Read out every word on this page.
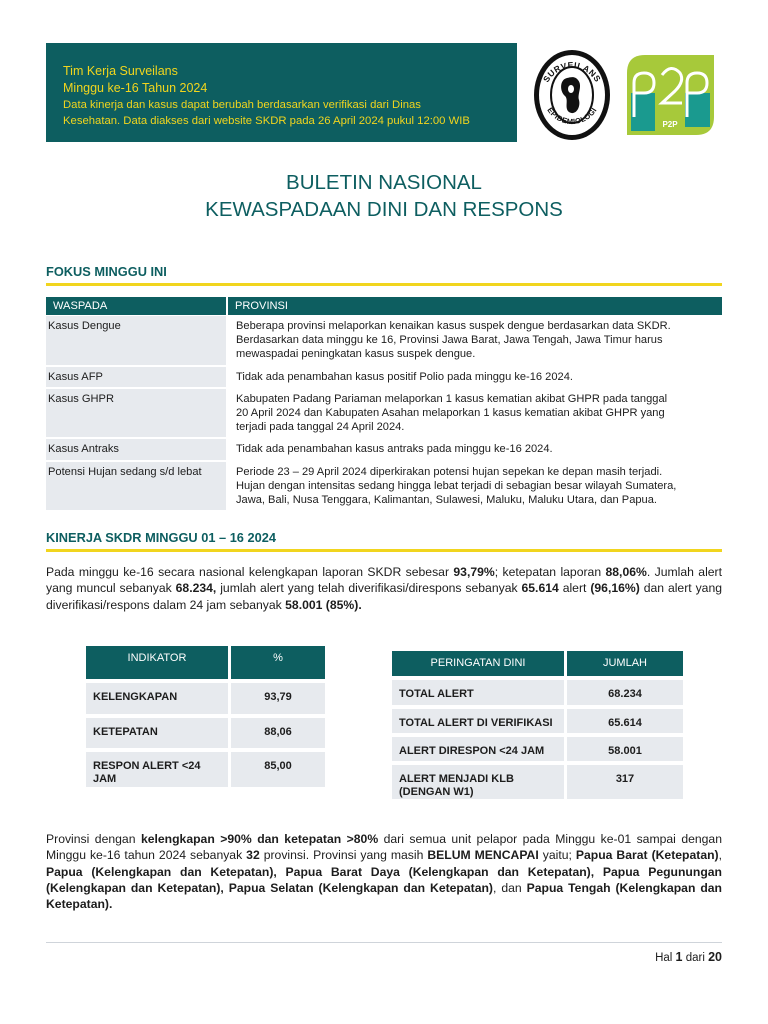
Tim Kerja Surveilans
Minggu ke-16 Tahun 2024
Data kinerja dan kasus dapat berubah berdasarkan verifikasi dari Dinas
Kesehatan. Data diakses dari website SKDR pada 26 April 2024 pukul 12:00 WIB
SURVEILANS
EPIDEMIOLOGI
P2P
BULETIN NASIONAL
KEWASPADAAN DINI DAN RESPONS
FOKUS MINGGU INI
WASPADA	PROVINSI
Kasus Dengue	Beberapa provinsi melaporkan kenaikan kasus suspek dengue berdasarkan data SKDR.
Berdasarkan data minggu ke 16, Provinsi Jawa Barat, Jawa Tengah, Jawa Timur harus
mewaspadai peningkatan kasus suspek dengue.

Kasus AFP	Tidak ada penambahan kasus positif Polio pada minggu ke-16 2024.

Kasus GHPR	Kabupaten Padang Pariaman melaporkan 1 kasus kematian akibat GHPR pada tanggal
20 April 2024 dan Kabupaten Asahan melaporkan 1 kasus kematian akibat GHPR yang
terjadi pada tanggal 24 April 2024.

Kasus Antraks	Tidak ada penambahan kasus antraks pada minggu ke-16 2024.

Potensi Hujan sedang s/d lebat	Periode 23 – 29 April 2024 diperkirakan potensi hujan sepekan ke depan masih terjadi.
Hujan dengan intensitas sedang hingga lebat terjadi di sebagian besar wilayah Sumatera,
Jawa, Bali, Nusa Tenggara, Kalimantan, Sulawesi, Maluku, Maluku Utara, dan Papua.
KINERJA SKDR MINGGU 01 – 16 2024

Pada minggu ke-16 secara nasional kelengkapan laporan SKDR sebesar 93,79%; ketepatan laporan 88,06%. Jumlah alert yang muncul sebanyak 68.234, jumlah alert yang telah diverifikasi/direspons sebanyak 65.614 alert (96,16%) dan alert yang diverifikasi/respons dalam 24 jam sebanyak 58.001 (85%).

INDIKATOR	%
KELENGKAPAN	93,79
KETEPATAN	88,06
RESPON ALERT <24 JAM	85,00
PERINGATAN DINI	JUMLAH
TOTAL ALERT	68.234
TOTAL ALERT DI VERIFIKASI	65.614
ALERT DIRESPON <24 JAM	58.001
ALERT MENJADI KLB (DENGAN W1)	317

Provinsi dengan kelengkapan >90% dan ketepatan >80% dari semua unit pelapor pada Minggu ke-01 sampai dengan Minggu ke-16 tahun 2024 sebanyak 32 provinsi. Provinsi yang masih BELUM MENCAPAI yaitu; Papua Barat (Ketepatan), Papua (Kelengkapan dan Ketepatan), Papua Barat Daya (Kelengkapan dan Ketepatan), Papua Pegunungan (Kelengkapan dan Ketepatan), Papua Selatan (Kelengkapan dan Ketepatan), dan Papua Tengah (Kelengkapan dan Ketepatan).

Hal 1 dari 20
